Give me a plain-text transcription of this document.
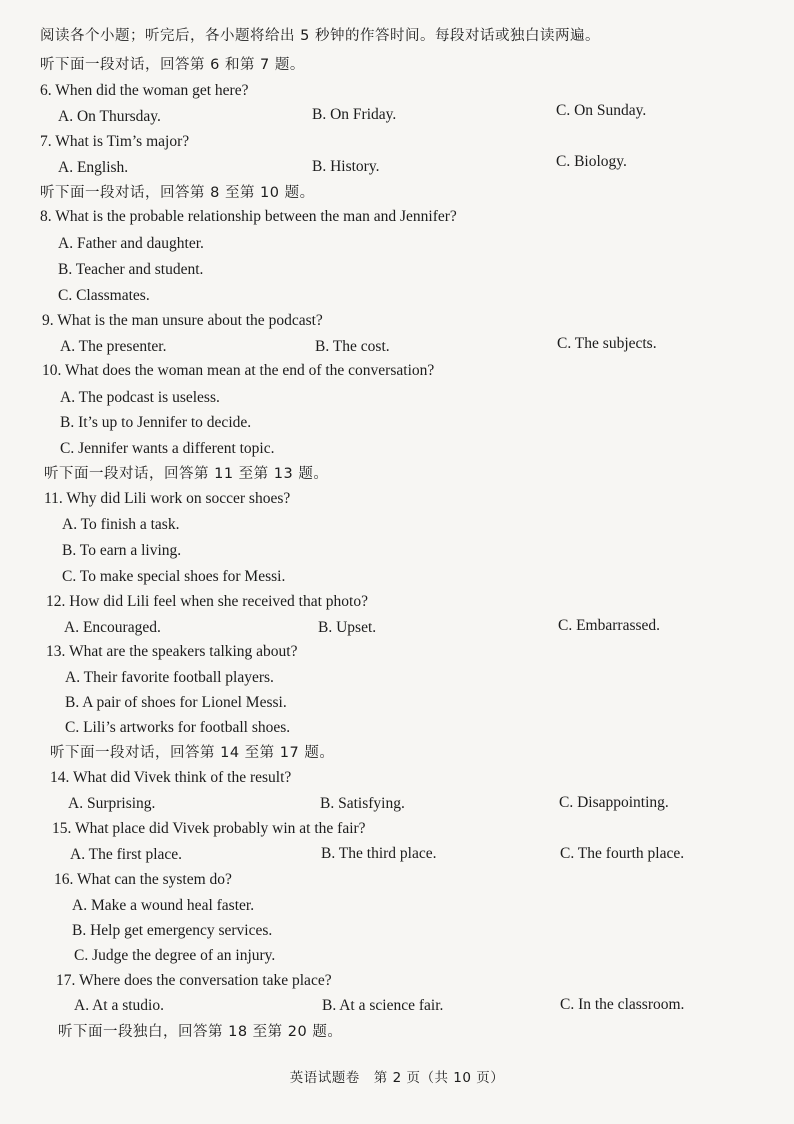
阅读各个小题；听完后，各小题将给出 5 秒钟的作答时间。每段对话或独白读两遍。
听下面一段对话，回答第 6 和第 7 题。
6. When did the woman get here?
A. On Thursday.	B. On Friday.	C. On Sunday.
7. What is Tim’s major?
A. English.	B. History.	C. Biology.
听下面一段对话，回答第 8 至第 10 题。
8. What is the probable relationship between the man and Jennifer?
A. Father and daughter.
B. Teacher and student.
C. Classmates.
9. What is the man unsure about the podcast?
A. The presenter.	B. The cost.	C. The subjects.
10. What does the woman mean at the end of the conversation?
A. The podcast is useless.
B. It’s up to Jennifer to decide.
C. Jennifer wants a different topic.
听下面一段对话，回答第 11 至第 13 题。
11. Why did Lili work on soccer shoes?
A. To finish a task.
B. To earn a living.
C. To make special shoes for Messi.
12. How did Lili feel when she received that photo?
A. Encouraged.	B. Upset.	C. Embarrassed.
13. What are the speakers talking about?
A. Their favorite football players.
B. A pair of shoes for Lionel Messi.
C. Lili’s artworks for football shoes.
听下面一段对话，回答第 14 至第 17 题。
14. What did Vivek think of the result?
A. Surprising.	B. Satisfying.	C. Disappointing.
15. What place did Vivek probably win at the fair?
A. The first place.	B. The third place.	C. The fourth place.
16. What can the system do?
A. Make a wound heal faster.
B. Help get emergency services.
C. Judge the degree of an injury.
17. Where does the conversation take place?
A. At a studio.	B. At a science fair.	C. In the classroom.
听下面一段独白，回答第 18 至第 20 题。
英语试题卷　第 2 页（共 10 页）
